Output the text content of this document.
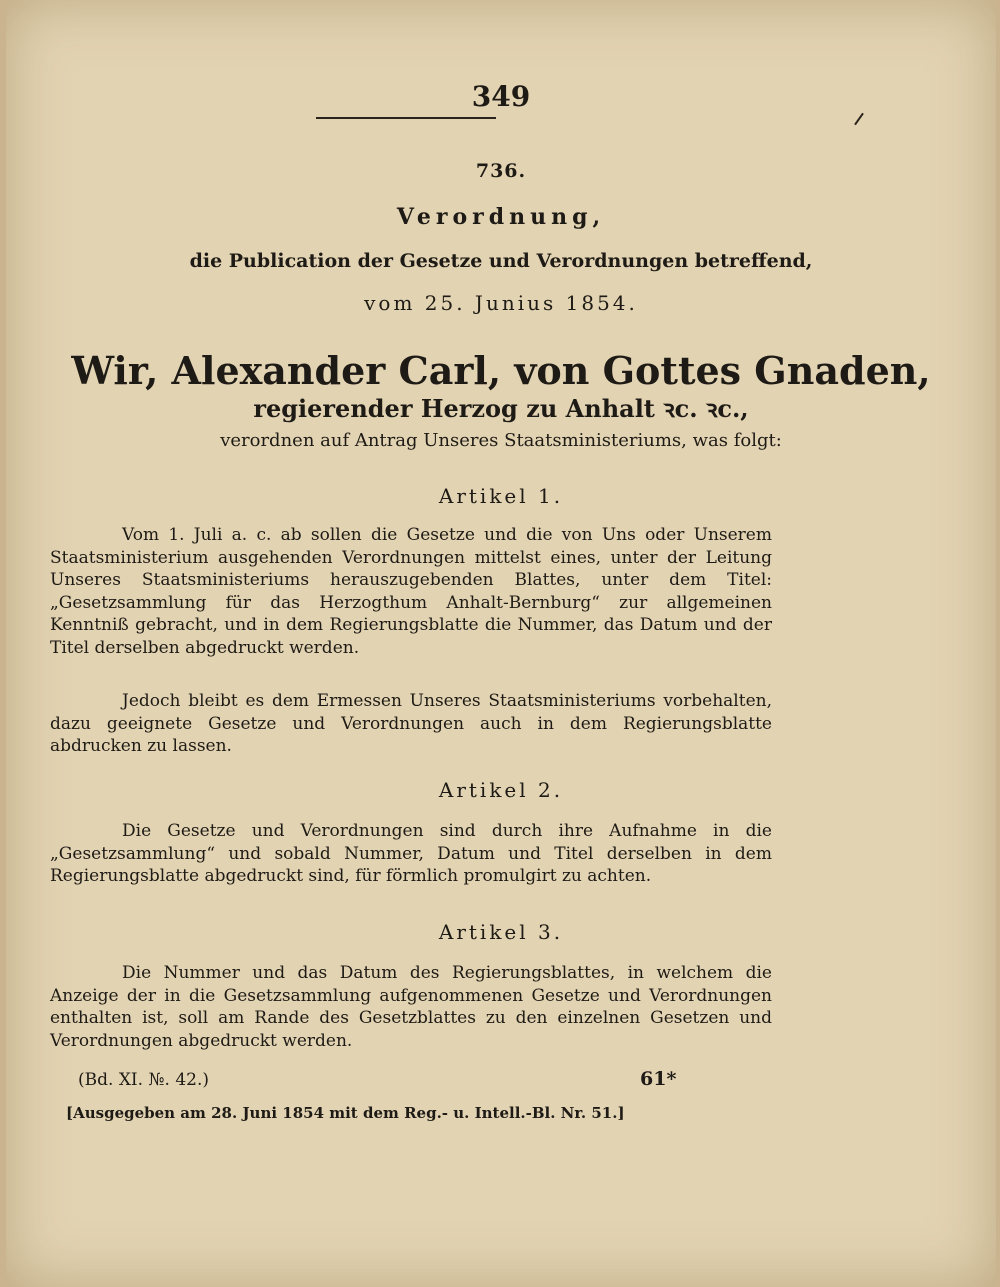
349
736.
Verordnung,
die Publication der Gesetze und Verordnungen betreffend,
vom 25. Junius 1854.
Wir, Alexander Carl, von Gottes Gnaden,
regierender Herzog zu Anhalt ꝛc. ꝛc.,
verordnen auf Antrag Unseres Staatsministeriums, was folgt:
Artikel 1.
Vom 1. Juli a. c. ab sollen die Gesetze und die von Uns oder Unserem Staatsministerium ausgehenden Verordnungen mittelst eines, unter der Leitung Unseres Staatsministeriums herauszugebenden Blattes, unter dem Titel: „Gesetzsammlung für das Herzogthum Anhalt-Bernburg“ zur allgemeinen Kenntniß gebracht, und in dem Regierungsblatte die Nummer, das Datum und der Titel derselben abgedruckt werden.
Jedoch bleibt es dem Ermessen Unseres Staatsministeriums vorbehalten, dazu geeignete Gesetze und Verordnungen auch in dem Regierungsblatte abdrucken zu lassen.
Artikel 2.
Die Gesetze und Verordnungen sind durch ihre Aufnahme in die „Gesetzsammlung“ und sobald Nummer, Datum und Titel derselben in dem Regierungsblatte abgedruckt sind, für förmlich promulgirt zu achten.
Artikel 3.
Die Nummer und das Datum des Regierungsblattes, in welchem die Anzeige der in die Gesetzsammlung aufgenommenen Gesetze und Verordnungen enthalten ist, soll am Rande des Gesetzblattes zu den einzelnen Gesetzen und Verordnungen abgedruckt werden.
(Bd. XI. №. 42.)	61*
[Ausgegeben am 28. Juni 1854 mit dem Reg.- u. Intell.-Bl. Nr. 51.]
